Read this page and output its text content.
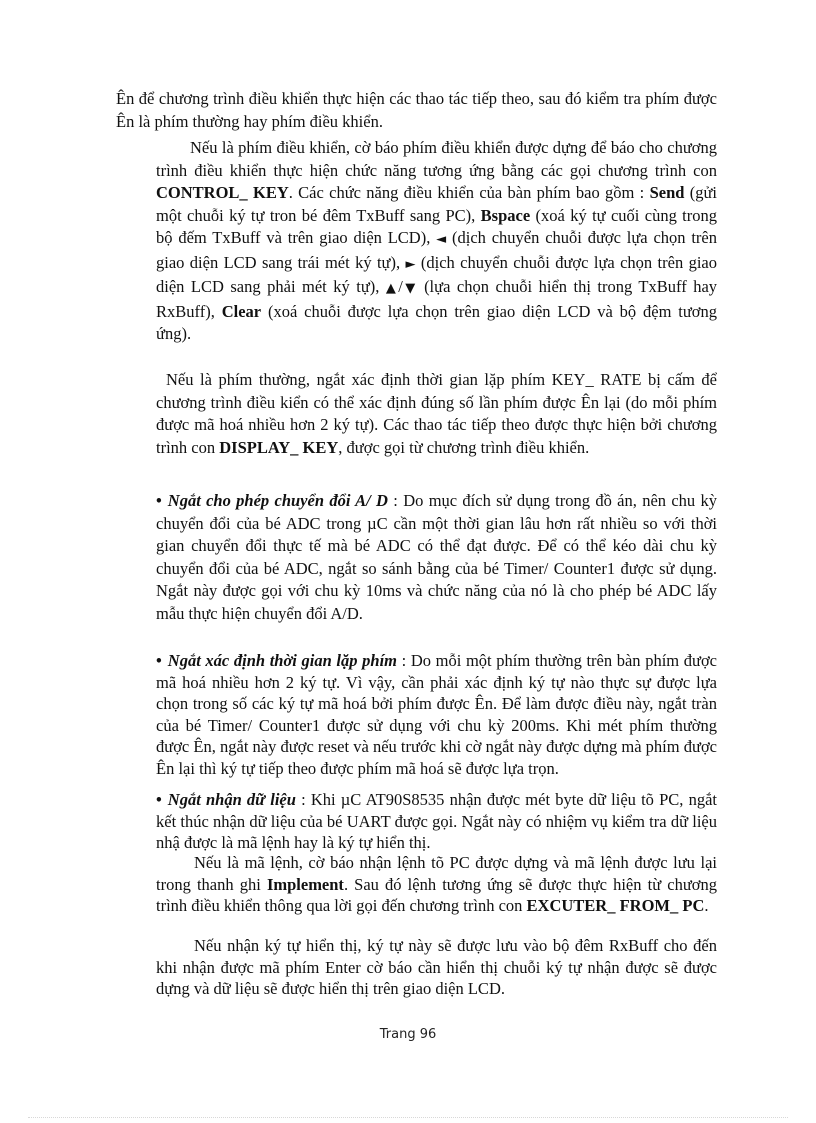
Ên để chương trình điều khiển thực hiện các thao tác tiếp theo, sau đó kiểm tra phím được Ên là phím thường hay phím điều khiển.

Nếu là phím điều khiển, cờ báo phím điều khiển được dựng để báo cho chương trình điều khiển thực hiện chức năng tương ứng bằng các gọi chương trình con CONTROL_ KEY. Các chức năng điều khiển của bàn phím bao gồm : Send (gửi một chuỗi ký tự tron bé đêm TxBuff sang PC), Bspace (xoá ký tự cuối cùng trong bộ đếm TxBuff và trên giao diện LCD), ◄ (dịch chuyển chuỗi được lựa chọn trên giao diện LCD sang trái mét ký tự), ► (dịch chuyển chuỗi được lựa chọn trên giao diện LCD sang phải mét ký tự), ▲/▼ (lựa chọn chuỗi hiển thị trong TxBuff hay RxBuff), Clear (xoá chuỗi được lựa chọn trên giao diện LCD và bộ đệm tương ứng).

Nếu là phím thường, ngắt xác định thời gian lặp phím KEY_ RATE bị cấm để chương trình điều kiển có thể xác định đúng số lần phím được Ên lại (do mỗi phím được mã hoá nhiều hơn 2 ký tự). Các thao tác tiếp theo được thực hiện bởi chương trình con DISPLAY_ KEY, được gọi từ chương trình điều khiển.

• Ngắt cho phép chuyển đổi A/ D : Do mục đích sử dụng trong đồ án, nên chu kỳ chuyển đổi của bé ADC trong µC cần một thời gian lâu hơn rất nhiều so với thời gian chuyển đổi thực tế mà bé ADC có thể đạt được. Để có thể kéo dài chu kỳ chuyển đổi của bé ADC, ngắt so sánh bằng của bé Timer/ Counter1 được sử dụng. Ngắt này được gọi với chu kỳ 10ms và chức năng của nó là cho phép bé ADC lấy mẫu thực hiện chuyển đổi A/D.

• Ngắt xác định thời gian lặp phím : Do mỗi một phím thường trên bàn phím được mã hoá nhiều hơn 2 ký tự. Vì vậy, cần phải xác định ký tự nào thực sự được lựa chọn trong số các ký tự mã hoá bởi phím được Ên. Để làm được điều này, ngắt tràn của bé Timer/ Counter1 được sử dụng với chu kỳ 200ms. Khi mét phím thường được Ên, ngắt này được reset và nếu trước khi cờ ngắt này được dựng mà phím được Ên lại thì ký tự tiếp theo được phím mã hoá sẽ được lựa trọn.

• Ngắt nhận dữ liệu : Khi µC AT90S8535 nhận được mét byte dữ liệu tõ PC, ngắt kết thúc nhận dữ liệu của bé UART được gọi. Ngắt này có nhiệm vụ kiểm tra dữ liệu nhậ được là mã lệnh hay là ký tự hiển thị.

Nếu là mã lệnh, cờ báo nhận lệnh tõ PC được dựng và mã lệnh được lưu lại trong thanh ghi Implement. Sau đó lệnh tương ứng sẽ được thực hiện từ chương trình điều khiển thông qua lời gọi đến chương trình con EXCUTER_ FROM_ PC.

Nếu nhận ký tự hiển thị, ký tự này sẽ được lưu vào bộ đêm RxBuff cho đến khi nhận được mã phím Enter cờ báo cần hiển thị chuỗi ký tự nhận được sẽ được dựng và dữ liệu sẽ được hiển thị trên giao diện LCD.

Trang 96
